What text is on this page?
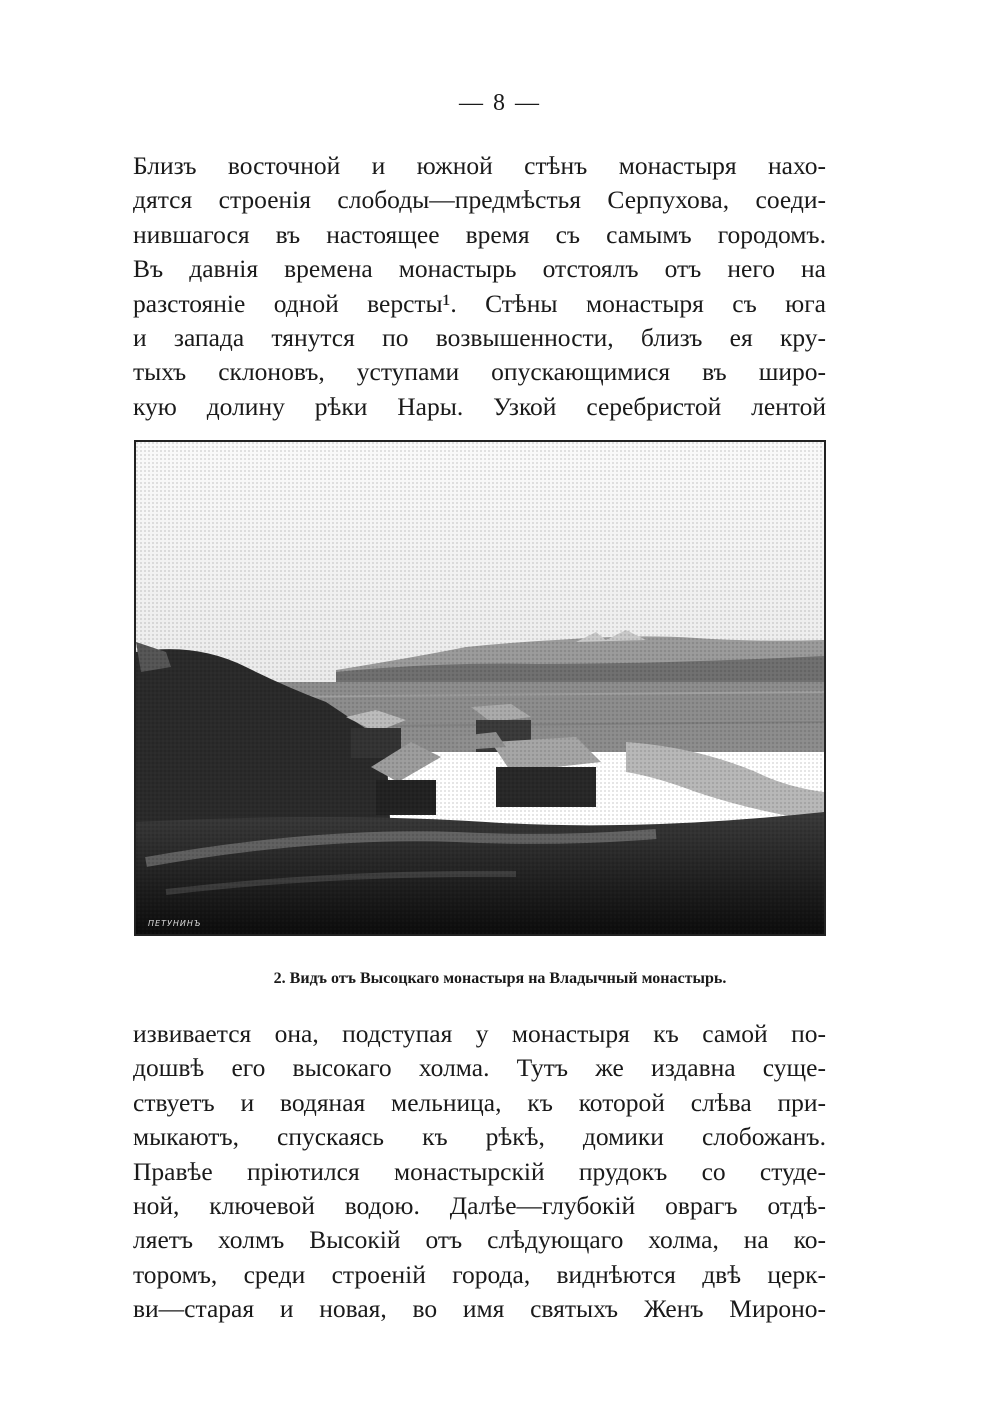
— 8 —
Близъ восточной и южной стѣнъ монастыря нахо-
дятся строенія слободы—предмѣстья Серпухова, соеди-
нившагося въ настоящее время съ самымъ городомъ.
Въ давнія времена монастырь отстоялъ отъ него на
разстояніе одной версты¹. Стѣны монастыря съ юга
и запада тянутся по возвышенности, близъ ея кру-
тыхъ склоновъ, уступами опускающимися въ широ-
кую долину рѣки Нары. Узкой серебристой лентой
ПЕТУНИНЪ
2. Видъ отъ Высоцкаго монастыря на Владычный монастырь.
извивается она, подступая у монастыря къ самой по-
дошвѣ его высокаго холма. Тутъ же издавна суще-
ствуетъ и водяная мельница, къ которой слѣва при-
мыкаютъ, спускаясь къ рѣкѣ, домики слобожанъ.
Правѣе пріютился монастырскій прудокъ со студе-
ной, ключевой водою. Далѣе—глубокій оврагъ отдѣ-
ляетъ холмъ Высокій отъ слѣдующаго холма, на ко-
торомъ, среди строеній города, виднѣются двѣ церк-
ви—старая и новая, во имя святыхъ Женъ Мироно-
